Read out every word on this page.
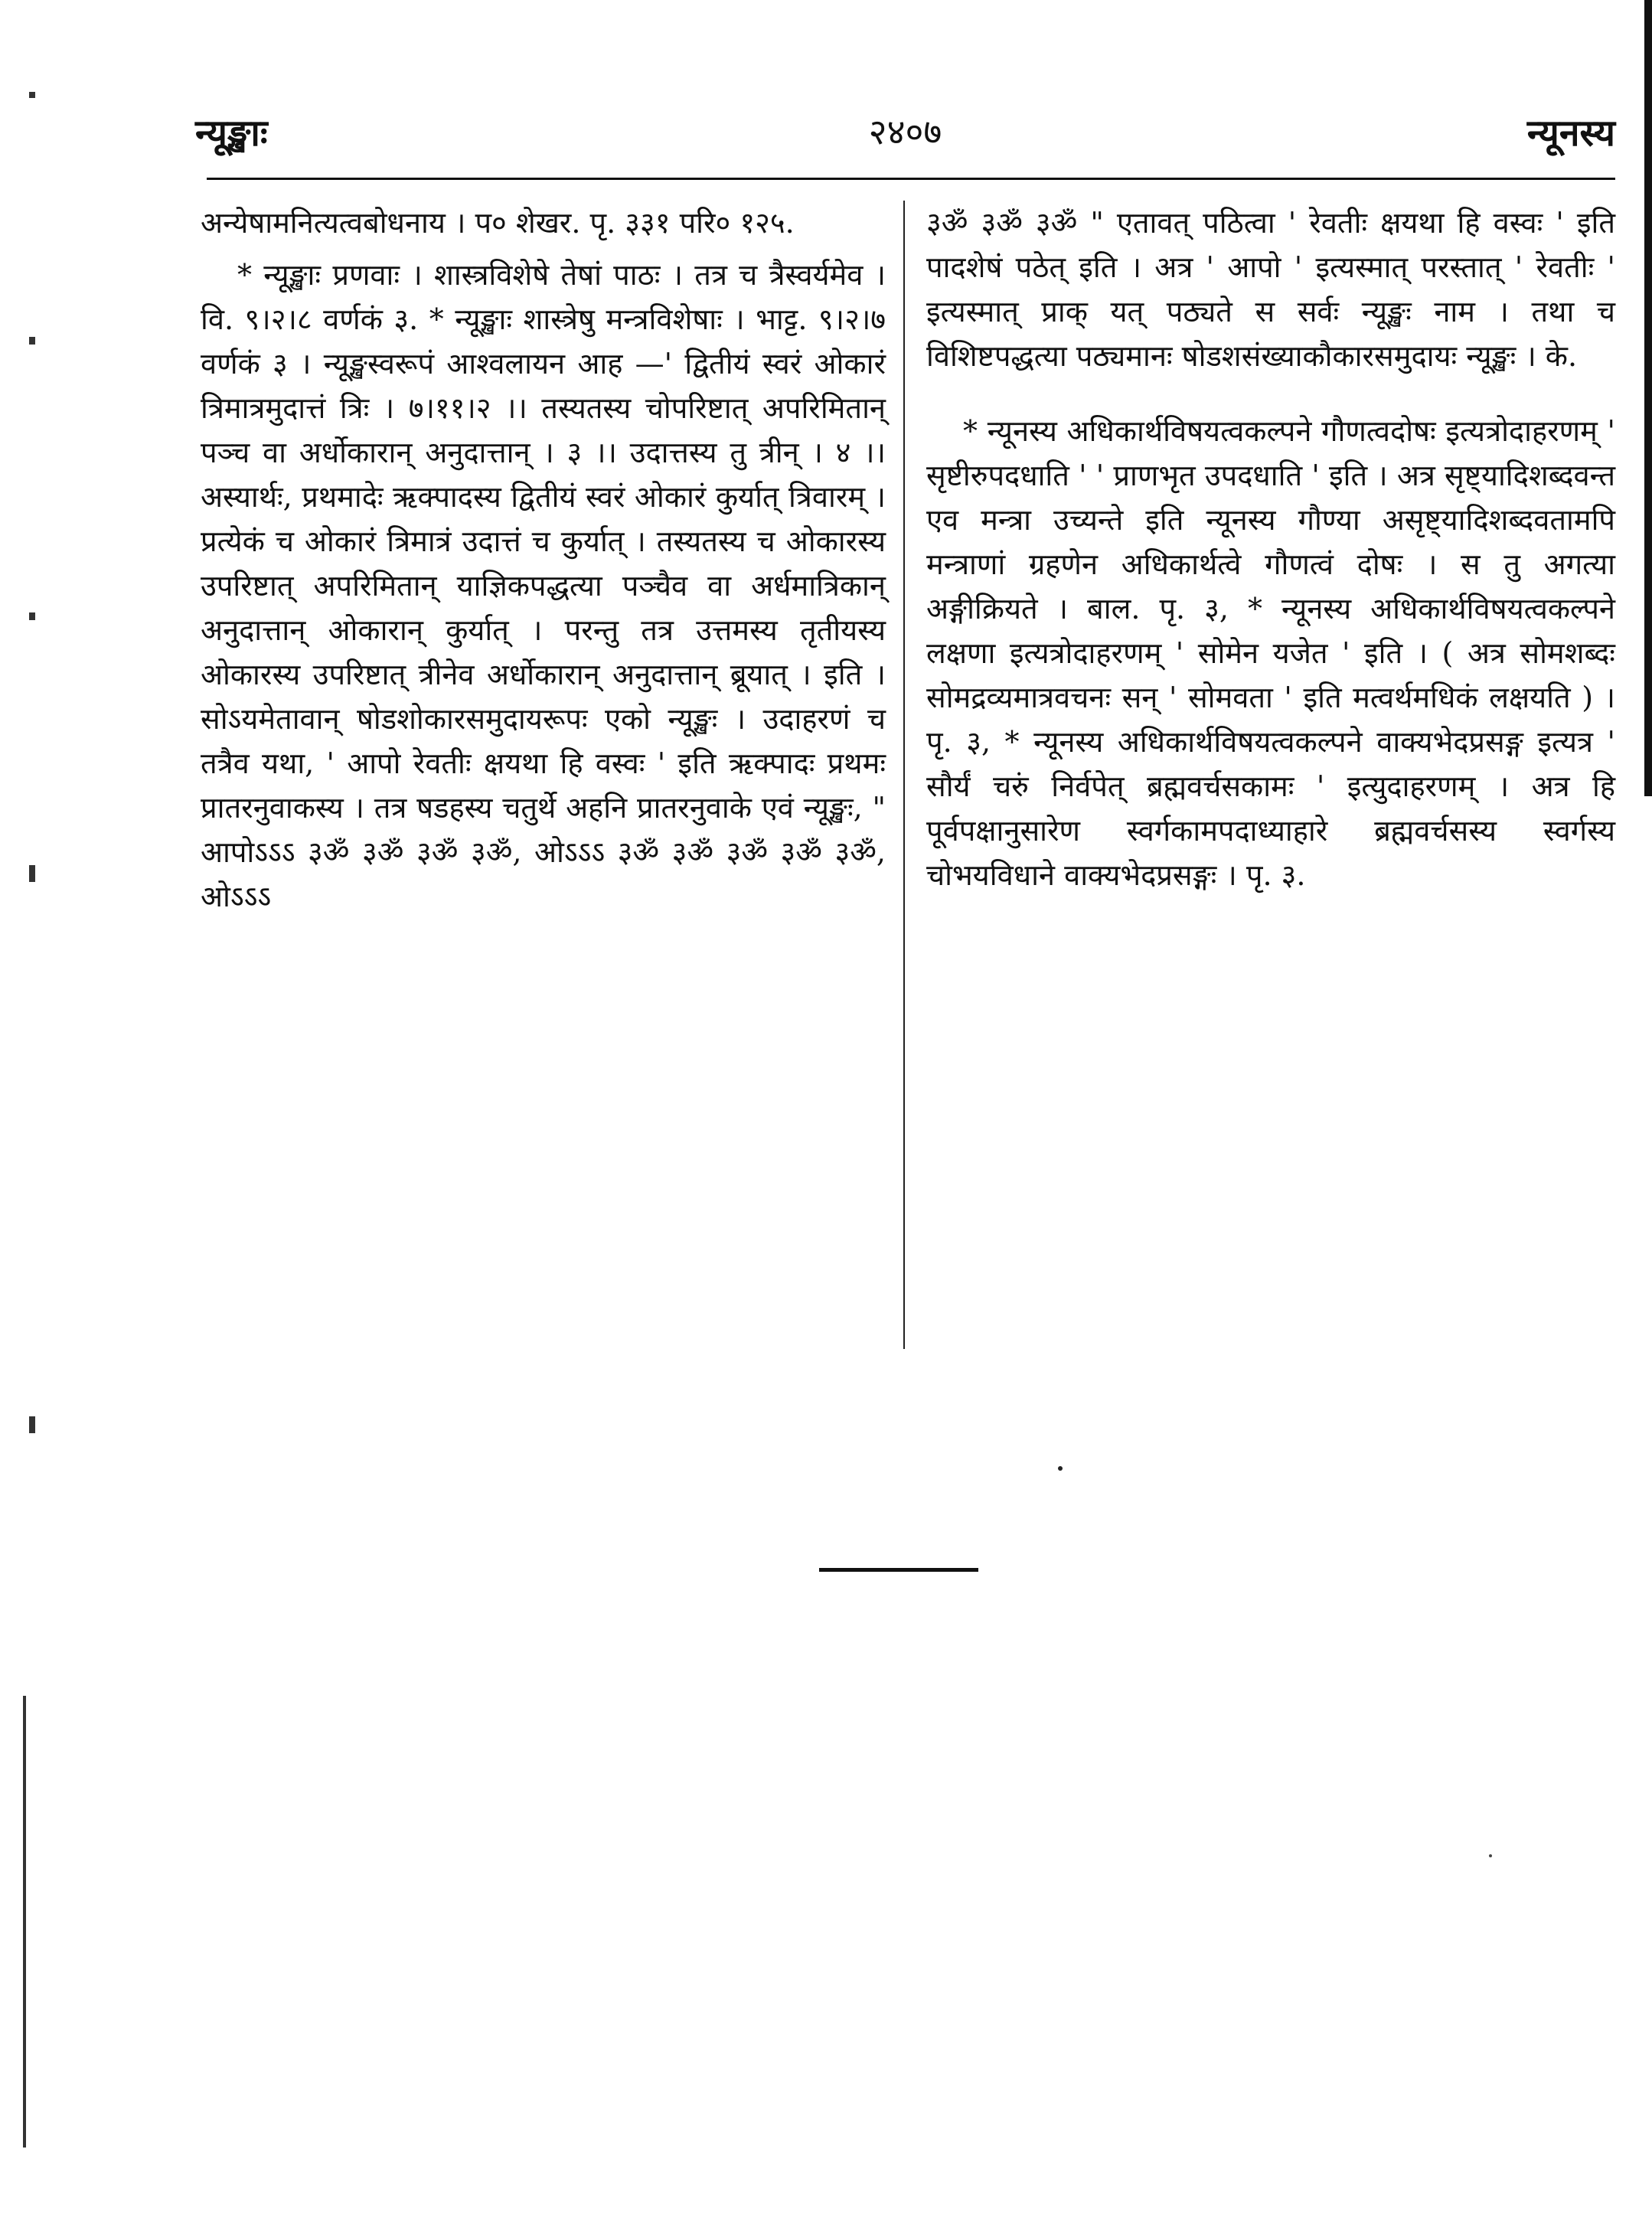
२४०७
न्यूङ्खाः	न्यूनस्य

अन्येषामनित्यत्वबोधनाय । प० शेखर. पृ. ३३१ परि० १२५.

* न्यूङ्खाः प्रणवाः । शास्त्रविशेषे तेषां पाठः । तत्र च त्रैस्वर्यमेव । वि. ९।२।८ वर्णकं ३. * न्यूङ्खाः शास्त्रेषु मन्त्रविशेषाः । भाट्ट. ९।२।७ वर्णकं ३ । न्यूङ्खस्वरूपं आश्वलायन आह —' द्वितीयं स्वरं ओकारं त्रिमात्रमुदात्तं त्रिः । ७।११।२ ।। तस्यतस्य चोपरिष्टात् अपरिमितान् पञ्च वा अर्धोकारान् अनुदात्तान् । ३ ।। उदात्तस्य तु त्रीन् । ४ ।। अस्यार्थः, प्रथमादेः ऋक्पादस्य द्वितीयं स्वरं ओकारं कुर्यात् त्रिवारम् । प्रत्येकं च ओकारं त्रिमात्रं उदात्तं च कुर्यात् । तस्यतस्य च ओकारस्य उपरिष्टात् अपरिमितान् याज्ञिकपद्धत्या पञ्चैव वा अर्धमात्रिकान् अनुदात्तान् ओकारान् कुर्यात् । परन्तु तत्र उत्तमस्य तृतीयस्य ओकारस्य उपरिष्टात् त्रीनेव अर्धोकारान् अनुदात्तान् ब्रूयात् । इति । सोऽयमेतावान् षोडशोकारसमुदायरूपः एको न्यूङ्खः । उदाहरणं च तत्रैव यथा, ' आपो रेवतीः क्षयथा हि वस्वः ' इति ऋक्पादः प्रथमः प्रातरनुवाकस्य । तत्र षडहस्य चतुर्थे अहनि प्रातरनुवाके एवं न्यूङ्खः, " आपोऽऽऽ ३ॐ ३ॐ ३ॐ ३ॐ, ओऽऽऽ ३ॐ ३ॐ ३ॐ ३ॐ ३ॐ, ओऽऽऽ

३ॐ ३ॐ ३ॐ " एतावत् पठित्वा ' रेवतीः क्षयथा हि वस्वः ' इति पादशेषं पठेत् इति । अत्र ' आपो ' इत्यस्मात् परस्तात् ' रेवतीः ' इत्यस्मात् प्राक् यत् पठ्यते स सर्वः न्यूङ्खः नाम । तथा च विशिष्टपद्धत्या पठ्यमानः षोडशसंख्याकौकारसमुदायः न्यूङ्खः । के.

* न्यूनस्य अधिकार्थविषयत्वकल्पने गौणत्वदोषः इत्यत्रोदाहरणम् ' सृष्टीरुपदधाति ' ' प्राणभृत उपदधाति ' इति । अत्र सृष्ट्यादिशब्दवन्त एव मन्त्रा उच्यन्ते इति न्यूनस्य गौण्या असृष्ट्यादिशब्दवतामपि मन्त्राणां ग्रहणेन अधिकार्थत्वे गौणत्वं दोषः । स तु अगत्या अङ्गीक्रियते । बाल. पृ. ३, * न्यूनस्य अधिकार्थविषयत्वकल्पने लक्षणा इत्यत्रोदाहरणम् ' सोमेन यजेत ' इति । ( अत्र सोमशब्दः सोमद्रव्यमात्रवचनः सन् ' सोमवता ' इति मत्वर्थमधिकं लक्षयति ) । पृ. ३, * न्यूनस्य अधिकार्थविषयत्वकल्पने वाक्यभेदप्रसङ्ग इत्यत्र ' सौर्यं चरुं निर्वपेत् ब्रह्मवर्चसकामः ' इत्युदाहरणम् । अत्र हि पूर्वपक्षानुसारेण स्वर्गकामपदाध्याहारे ब्रह्मवर्चसस्य स्वर्गस्य चोभयविधाने वाक्यभेदप्रसङ्गः । पृ. ३.
